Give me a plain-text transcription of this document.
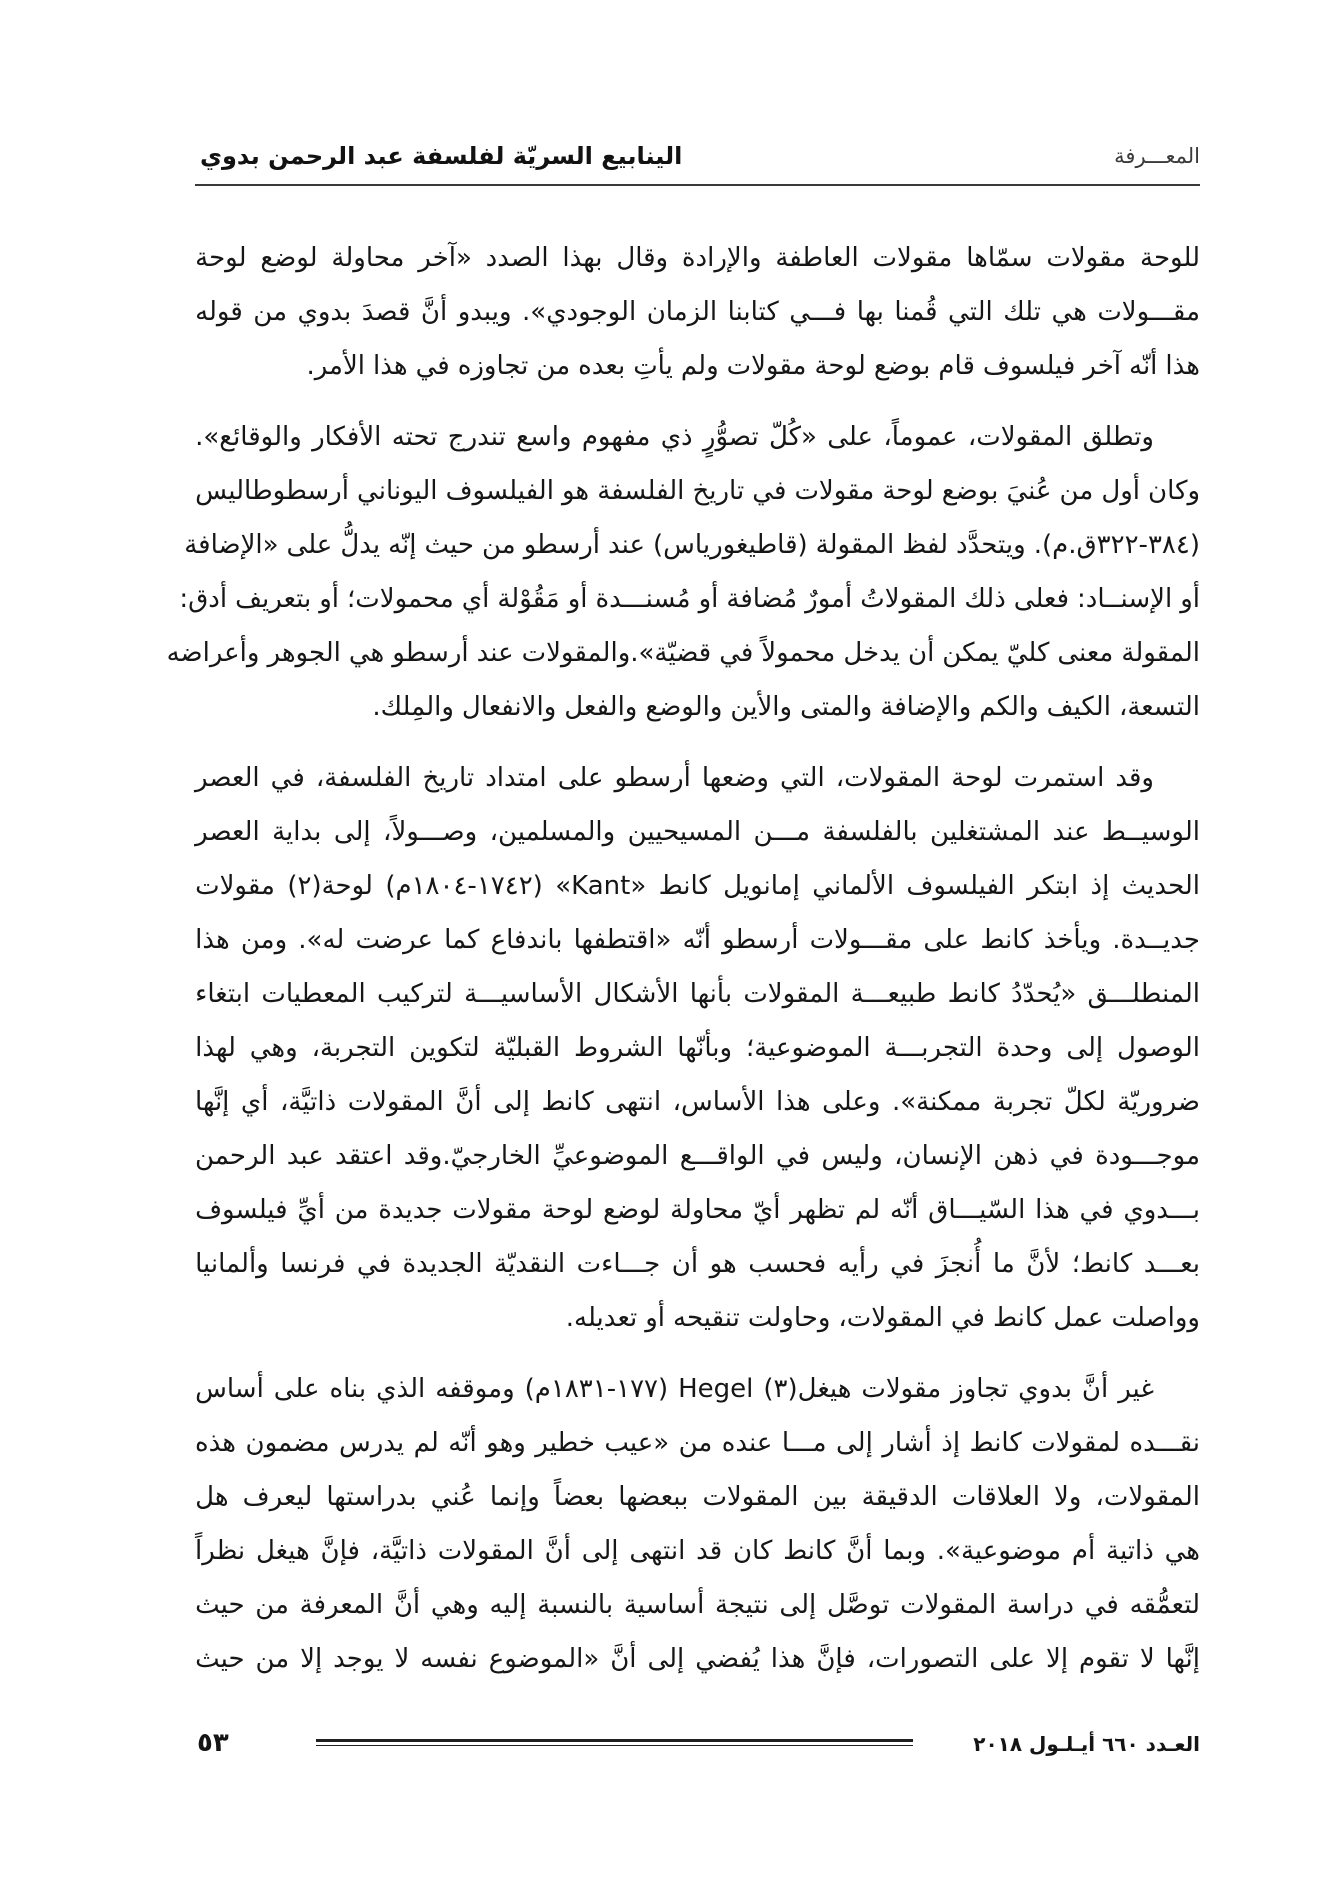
المعـــرفة
الينابيع السريّة لفلسفة عبد الرحمن بدوي
للوحة
مقولات
سمّاها
مقولات
العاطفة
والإرادة
وقال
بهذا
الصدد
«آخر
محاولة
لوضع
لوحة
مقـــولات
هي
تلك
التي
قُمنا
بها
فـــي
كتابنا
الزمان
الوجودي».
ويبدو
أنَّ
قصدَ
بدوي
من
قوله
هذا
أنّه
آخر
فيلسوف
قام
بوضع
لوحة
مقولات
ولم
يأتِ
بعده
من
تجاوزه
في
هذا
الأمر.
وتطلق
المقولات،
عموماً،
على
«كُلّ
تصوُّرٍ
ذي
مفهوم
واسع
تندرج
تحته
الأفكار
والوقائع».
وكان
أول
من
عُنيَ
بوضع
لوحة
مقولات
في
تاريخ
الفلسفة
هو
الفيلسوف
اليوناني
أرسطوطاليس
(٣٨٤-٣٢٢ق.م).
ويتحدَّد
لفظ
المقولة
(قاطيغورياس)
عند
أرسطو
من
حيث
إنّه
يدلُّ
على
«الإضافة
أو
الإسنــاد:
فعلى
ذلك
المقولاتُ
أمورٌ
مُضافة
أو
مُسنـــدة
أو
مَقُوْلة
أي
محمولات؛
أو
بتعريف
أدق:
المقولة
معنى
كليّ
يمكن
أن
يدخل
محمولاً
في
قضيّة».والمقولات
عند
أرسطو
هي
الجوهر
وأعراضه
التسعة،
الكيف
والكم
والإضافة
والمتى
والأين
والوضع
والفعل
والانفعال
والمِلك.
وقد
استمرت
لوحة
المقولات،
التي
وضعها
أرسطو
على
امتداد
تاريخ
الفلسفة،
في
العصر
الوسيــط
عند
المشتغلين
بالفلسفة
مـــن
المسيحيين
والمسلمين،
وصـــولاً،
إلى
بداية
العصر
الحديث
إذ
ابتكر
الفيلسوف
الألماني
إمانويل
كانط
«Kant»
(١٧٤٢-١٨٠٤م)
لوحة(٢)
مقولات
جديــدة.
ويأخذ
كانط
على
مقـــولات
أرسطو
أنّه
«اقتطفها
باندفاع
كما
عرضت
له».
ومن
هذا
المنطلـــق
«يُحدّدُ
كانط
طبيعـــة
المقولات
بأنها
الأشكال
الأساسيـــة
لتركيب
المعطيات
ابتغاء
الوصول
إلى
وحدة
التجربـــة
الموضوعية؛
وبأنّها
الشروط
القبليّة
لتكوين
التجربة،
وهي
لهذا
ضروريّة
لكلّ
تجربة
ممكنة».
وعلى
هذا
الأساس،
انتهى
كانط
إلى
أنَّ
المقولات
ذاتيَّة،
أي
إنَّها
موجـــودة
في
ذهن
الإنسان،
وليس
في
الواقـــع
الموضوعيِّ
الخارجيّ.وقد
اعتقد
عبد
الرحمن
بـــدوي
في
هذا
السّيـــاق
أنّه
لم
تظهر
أيّ
محاولة
لوضع
لوحة
مقولات
جديدة
من
أيِّ
فيلسوف
بعـــد
كانط؛
لأنَّ
ما
أُنجزَ
في
رأيه
فحسب
هو
أن
جـــاءت
النقديّة
الجديدة
في
فرنسا
وألمانيا
وواصلت
عمل
كانط
في
المقولات،
وحاولت
تنقيحه
أو
تعديله.
غير
أنَّ
بدوي
تجاوز
مقولات
هيغل(٣)
Hegel
(١٧٧-١٨٣١م)
وموقفه
الذي
بناه
على
أساس
نقـــده
لمقولات
كانط
إذ
أشار
إلى
مـــا
عنده
من
«عيب
خطير
وهو
أنّه
لم
يدرس
مضمون
هذه
المقولات،
ولا
العلاقات
الدقيقة
بين
المقولات
ببعضها
بعضاً
وإنما
عُني
بدراستها
ليعرف
هل
هي
ذاتية
أم
موضوعية».
وبما
أنَّ
كانط
كان
قد
انتهى
إلى
أنَّ
المقولات
ذاتيَّة،
فإنَّ
هيغل
نظراً
لتعمُّقه
في
دراسة
المقولات
توصَّل
إلى
نتيجة
أساسية
بالنسبة
إليه
وهي
أنَّ
المعرفة
من
حيث
إنَّها
لا
تقوم
إلا
على
التصورات،
فإنَّ
هذا
يُفضي
إلى
أنَّ
«الموضوع
نفسه
لا
يوجد
إلا
من
حيث
العـدد ٦٦٠ أيـلـول ٢٠١٨
٥٣
